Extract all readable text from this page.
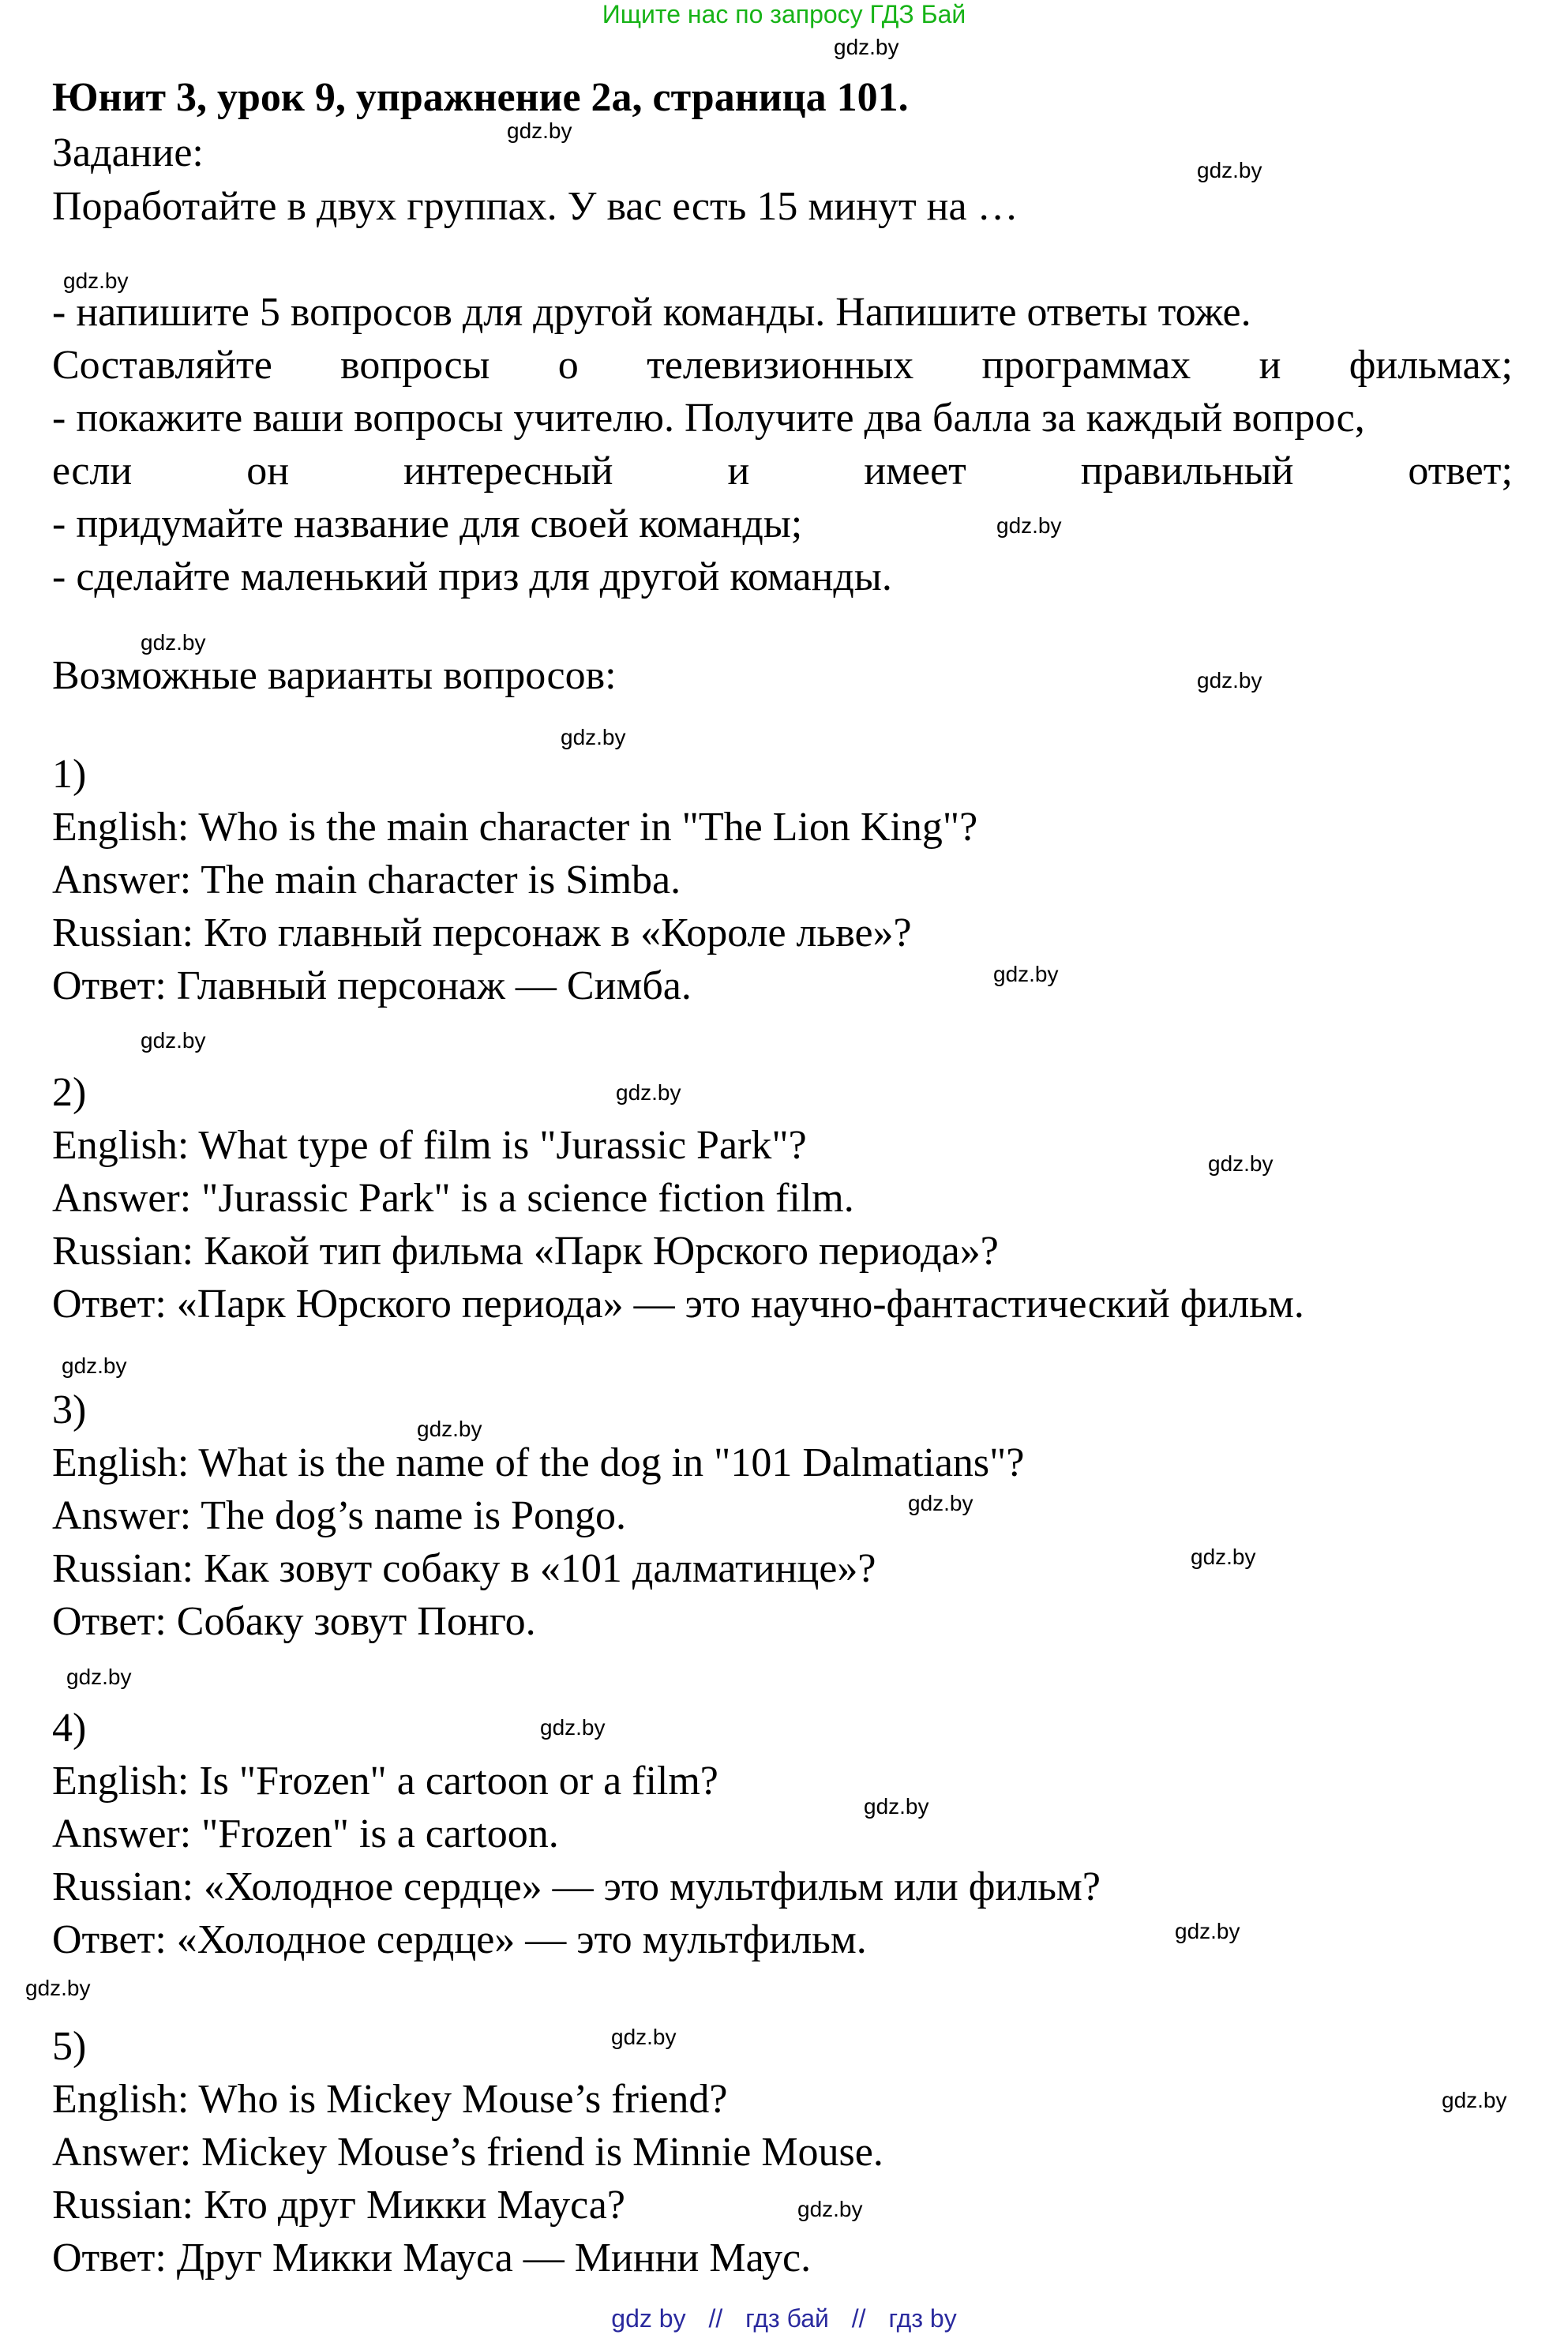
Ищите нас по запросу ГДЗ Бай
gdz.by
gdz.by
gdz.by
gdz.by
gdz.by
gdz.by
gdz.by
gdz.by
gdz.by
gdz.by
gdz.by
gdz.by
gdz.by
gdz.by
gdz.by
gdz.by
gdz.by
gdz.by
gdz.by
gdz.by
gdz.by
gdz.by
gdz.by
gdz.by
Юнит 3, урок 9, упражнение 2а, страница 101.
Задание:
Поработайте в двух группах. У вас есть 15 минут на …
- напишите 5 вопросов для другой команды. Напишите ответы тоже.
Составляйте вопросы о телевизионных программах и фильмах;
- покажите ваши вопросы учителю. Получите два балла за каждый вопрос,
если	он	интересный	и	имеет	правильный	ответ;
- придумайте название для своей команды;
- сделайте маленький приз для другой команды.
Возможные варианты вопросов:
1)
English: Who is the main character in "The Lion King"?
Answer: The main character is Simba.
Russian: Кто главный персонаж в «Короле льве»?
Ответ: Главный персонаж — Симба.
2)
English: What type of film is "Jurassic Park"?
Answer: "Jurassic Park" is a science fiction film.
Russian: Какой тип фильма «Парк Юрского периода»?
Ответ: «Парк Юрского периода» — это научно-фантастический фильм.
3)
English: What is the name of the dog in "101 Dalmatians"?
Answer: The dog’s name is Pongo.
Russian: Как зовут собаку в «101 далматинце»?
Ответ: Собаку зовут Понго.
4)
English: Is "Frozen" a cartoon or a film?
Answer: "Frozen" is a cartoon.
Russian: «Холодное сердце» — это мультфильм или фильм?
Ответ: «Холодное сердце» — это мультфильм.
5)
English: Who is Mickey Mouse’s friend?
Answer: Mickey Mouse’s friend is Minnie Mouse.
Russian: Кто друг Микки Мауса?
Ответ: Друг Микки Мауса — Минни Маус.
gdz by // гдз бай // гдз by
